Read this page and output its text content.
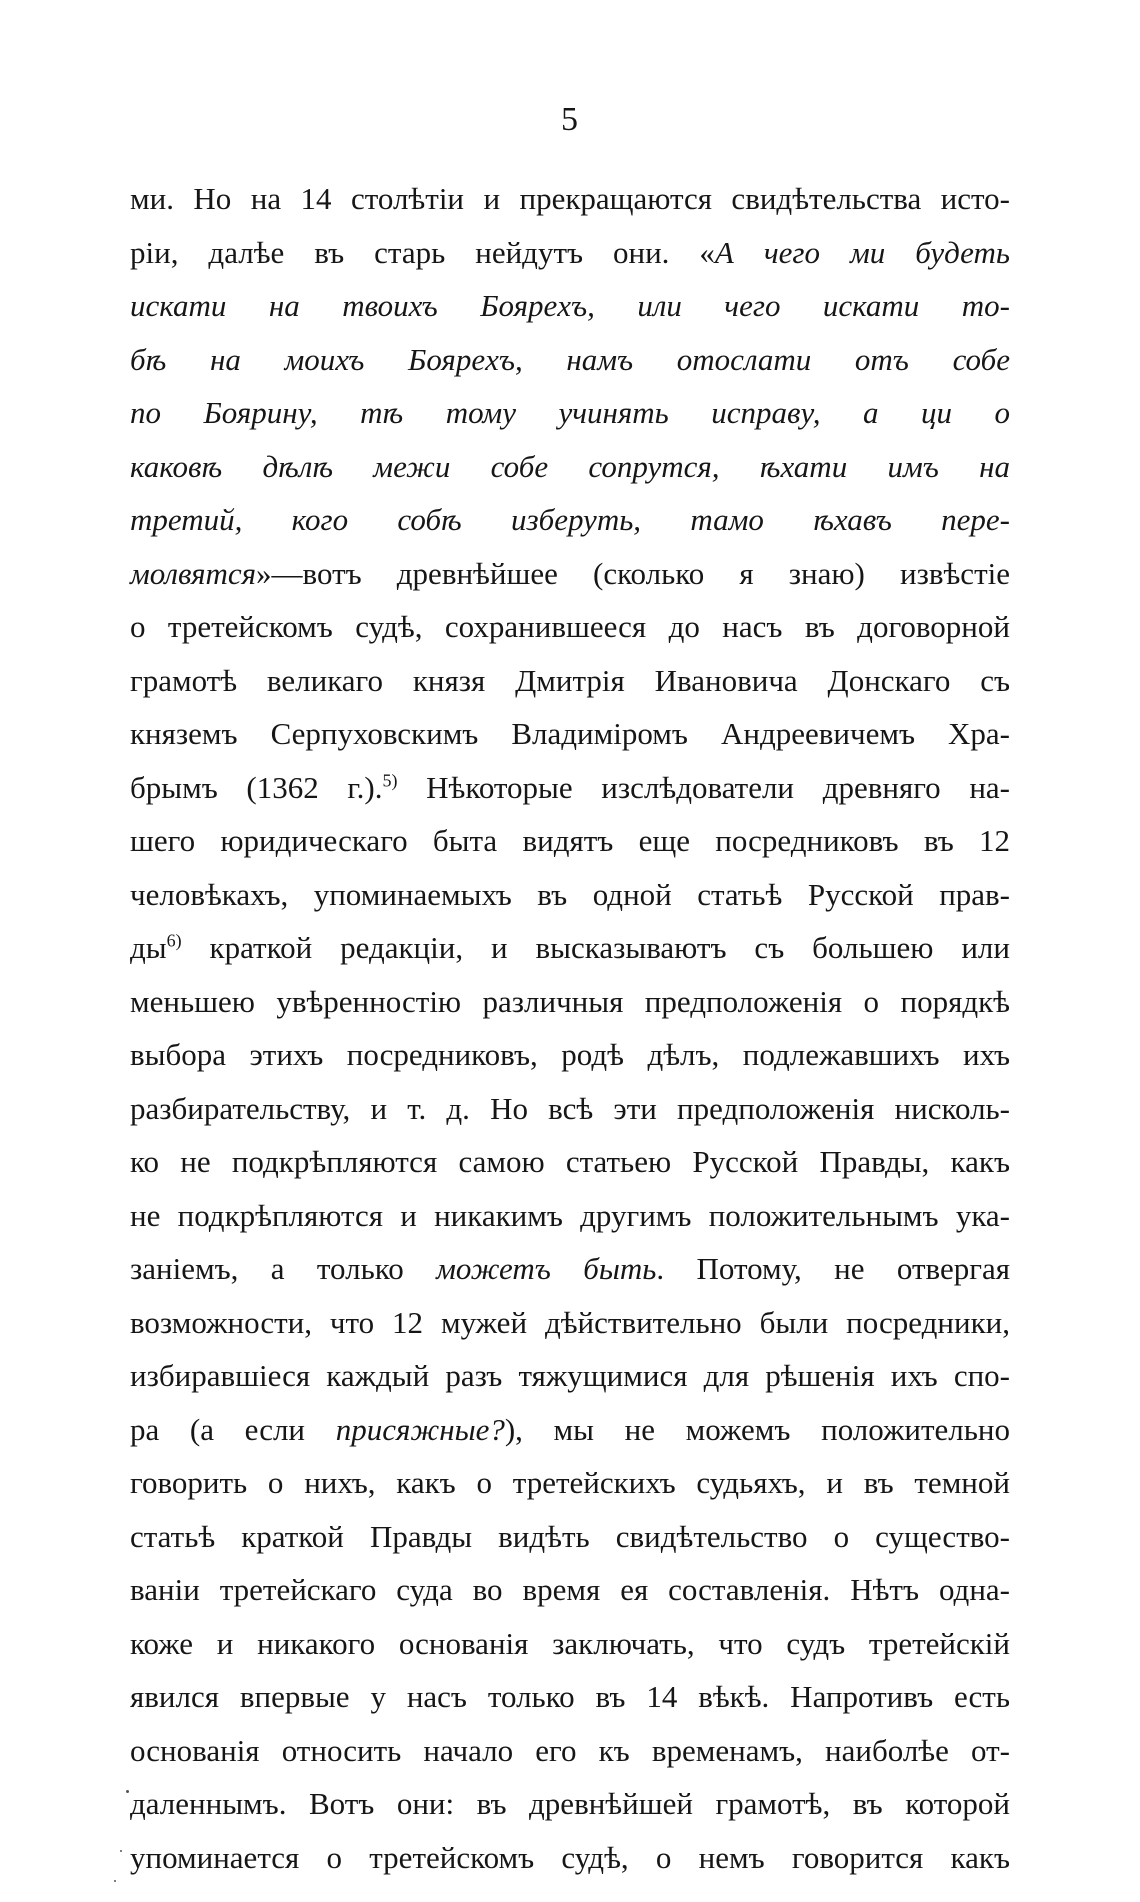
5
ми. Но на 14 столѣтіи и прекращаются свидѣтельства исто-
ріи, далѣе въ старь нейдутъ они. «А чего ми будеть
искати на твоихъ Бояреxъ, или чего искати то-
бѣ на моихъ Бояреxъ, намъ отослати отъ собе
по Боярину, тѣ тому учинять исправу, а ци о
каковѣ дѣлѣ межи собе сопрутся, ѣхати имъ на
третий, кого собѣ изберуть, тамо ѣхавъ пере-
молвятся»—вотъ древнѣйшее (сколько я знаю) извѣстіе
о третейскомъ судѣ, сохранившееся до насъ въ договорной
грамотѣ великаго князя Дмитрія Ивановича Донскаго съ
княземъ Серпуховскимъ Владиміромъ Андреевичемъ Хра-
брымъ (1362 г.).$^{5)}$ Нѣкоторые изслѣдователи древняго на-
шего юридическаго быта видятъ еще посредниковъ въ 12
человѣкахъ, упоминаемыхъ въ одной статьѣ Русской прав-
$ды^{6)}$ краткой редакціи, и высказываютъ съ большею или
меньшею увѣренностію различныя предположенія о порядкѣ
выбора этихъ посредниковъ, родѣ дѣлъ, подлежавшихъ ихъ
разбирательству, и т. д. Но всѣ эти предположенія нисколь-
ко не подкрѣпляются самою статьею Русской Правды, какъ
не подкрѣпляются и никакимъ другимъ положительнымъ ука-
заніемъ, а только можетъ быть. Потому, не отвергая
возможности, что 12 мужей дѣйствительно были посредники,
избиравшіеся каждый разъ тяжущимися для рѣшенія ихъ спо-
ра (а если присяжные?), мы не можемъ положительно
говорить о нихъ, какъ о третейскихъ судьяхъ, и въ темной
статьѣ краткой Правды видѣть свидѣтельство о существо-
ваніи третейскаго суда во время ея составленія. Нѣтъ одна-
коже и никакого основанія заключать, что судъ третейскій
явился впервые у насъ только въ 14 вѣкѣ. Напротивъ есть
основанія относить начало его къ временамъ, наиболѣе от-
даленнымъ. Вотъ они: въ древнѣйшей грамотѣ, въ которой
упоминается о третейскомъ судѣ, о немъ говорится какъ
